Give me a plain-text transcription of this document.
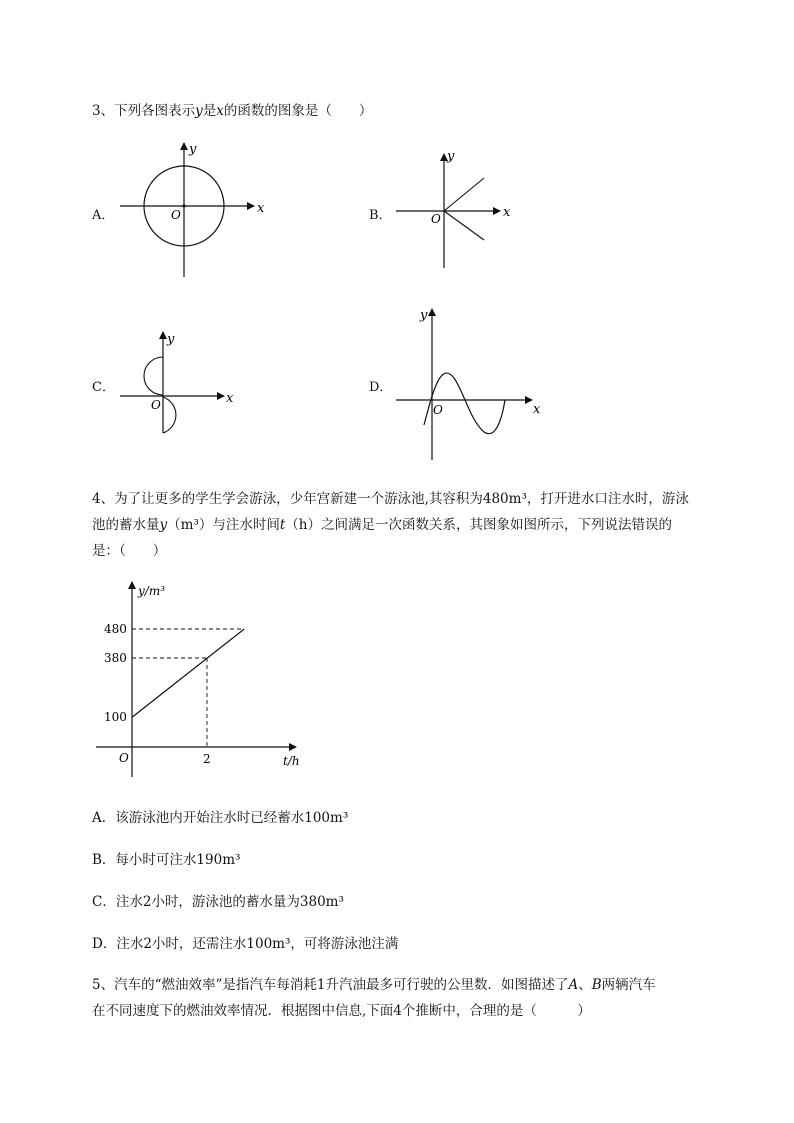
3、下列各图表示y是x的函数的图象是（　　）
A．	x
y
O	B．	x
y
O
C．
x
y
O
D．
x
y
O
4、为了让更多的学生学会游泳，少年宫新建一个游泳池,其容积为480m³，打开进水口注水时，游泳
池的蓄水量y（m³）与注水时间t（h）之间满足一次函数关系，其图象如图所示，下列说法错误的
是：（　　）
y/m³
t/h
O
480
380
100
2
A．该游泳池内开始注水时已经蓄水100m³
B．每小时可注水190m³
C．注水2小时，游泳池的蓄水量为380m³
D．注水2小时，还需注水100m³，可将游泳池注满
5、汽车的“燃油效率”是指汽车每消耗1升汽油最多可行驶的公里数．如图描述了A、B两辆汽车
在不同速度下的燃油效率情况．根据图中信息,下面4个推断中，合理的是（　　　）
